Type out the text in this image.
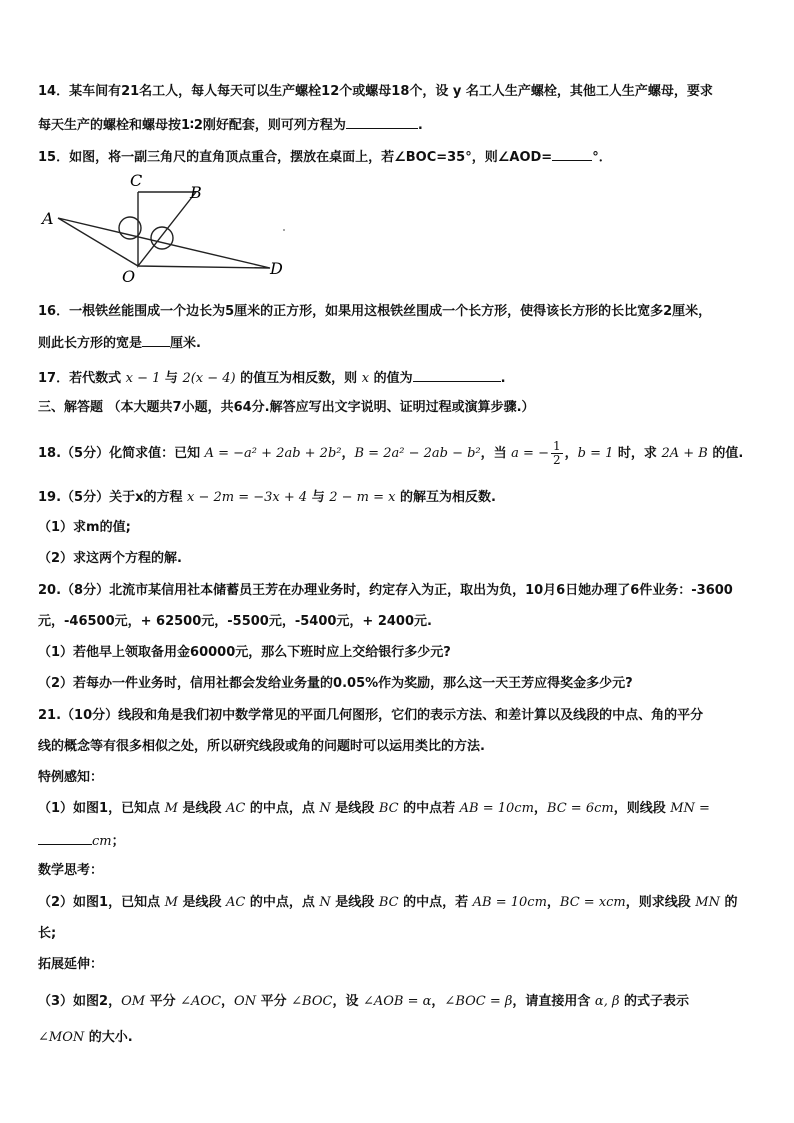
14．某车间有21名工人，每人每天可以生产螺栓12个或螺母18个，设 y 名工人生产螺栓，其他工人生产螺母，要求
每天生产的螺栓和螺母按1∶2刚好配套，则可列方程为	.
15．如图，将一副三角尺的直角顶点重合，摆放在桌面上，若∠BOC=35°，则∠AOD=	°．
C
B
A
O	D
16．一根铁丝能围成一个边长为5厘米的正方形，如果用这根铁丝围成一个长方形，使得该长方形的长比宽多2厘米，
则此长方形的宽是 厘米.
17．若代数式 x − 1 与 2(x − 4) 的值互为相反数，则 x 的值为	.
三、解答题 （本大题共7小题，共64分.解答应写出文字说明、证明过程或演算步骤.）
18.（5分）化简求值：已知 A = −a² + 2ab + 2b²，B = 2a² − 2ab − b²，当 a = − $\frac{1}{2}$ ，b = 1 时，求 2A + B 的值.
19.（5分）关于x的方程 x − 2m = −3x + 4 与 2 − m = x 的解互为相反数.
（1）求m的值;
（2）求这两个方程的解.
20.（8分）北流市某信用社本储蓄员王芳在办理业务时，约定存入为正，取出为负，10月6日她办理了6件业务：-3600
元，-46500元，+ 62500元，-5500元，-5400元，+ 2400元.
（1）若他早上领取备用金60000元，那么下班时应上交给银行多少元?
（2）若每办一件业务时，信用社都会发给业务量的0.05%作为奖励，那么这一天王芳应得奖金多少元?
21.（10分）线段和角是我们初中数学常见的平面几何图形，它们的表示方法、和差计算以及线段的中点、角的平分
线的概念等有很多相似之处，所以研究线段或角的问题时可以运用类比的方法.
特例感知：
（1）如图1，已知点 M 是线段 AC 的中点，点 N 是线段 BC 的中点若 AB = 10cm，BC = 6cm，则线段 MN =
cm；
数学思考：
（2）如图1，已知点 M 是线段 AC 的中点，点 N 是线段 BC 的中点，若 AB = 10cm，BC = xcm，则求线段 MN 的
长;
拓展延伸：
（3）如图2，OM 平分 ∠AOC，ON 平分 ∠BOC，设 ∠AOB = α，∠BOC = β，请直接用含 α, β 的式子表示
∠MON 的大小.
